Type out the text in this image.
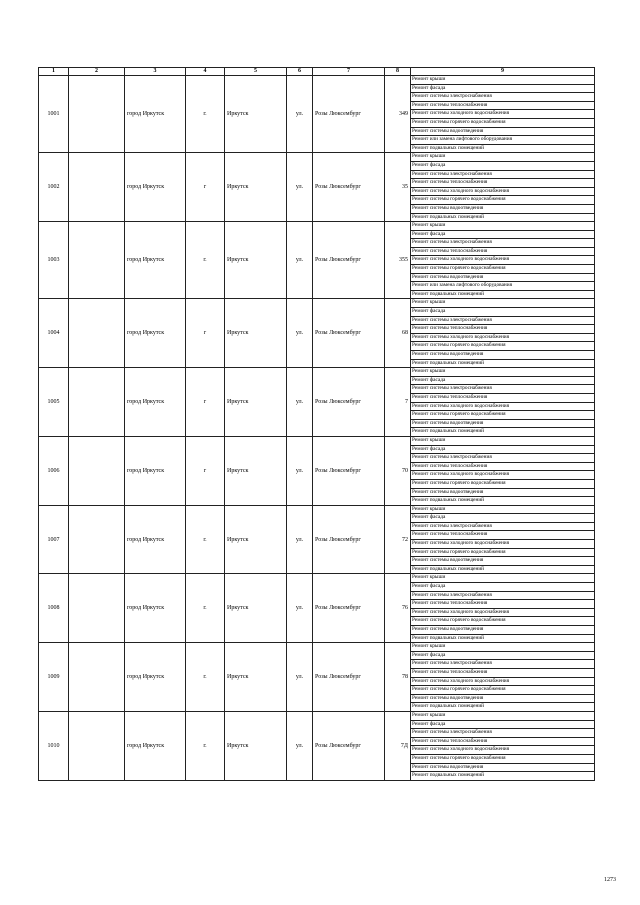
1	2	3	4	5	6	7	8	9
1001		город Иркутск	г.	Иркутск	ул.	Розы Люксембург	349	Ремонт крыши
								Ремонт фасада
								Ремонт системы электроснабжения
								Ремонт системы теплоснабжения
								Ремонт системы холодного водоснабжения
								Ремонт системы горячего водоснабжения
								Ремонт системы водоотведения
								Ремонт или замена лифтового оборудования
								Ремонт подвальных помещений
1002		город Иркутск	г	Иркутск	ул.	Розы Люксембург	35	Ремонт крыши
								Ремонт фасада
								Ремонт системы электроснабжения
								Ремонт системы теплоснабжения
								Ремонт системы холодного водоснабжения
								Ремонт системы горячего водоснабжения
								Ремонт системы водоотведения
								Ремонт подвальных помещений
1003		город Иркутск	г.	Иркутск	ул.	Розы Люксембург	355	Ремонт крыши
								Ремонт фасада
								Ремонт системы электроснабжения
								Ремонт системы теплоснабжения
								Ремонт системы холодного водоснабжения
								Ремонт системы горячего водоснабжения
								Ремонт системы водоотведения
								Ремонт или замена лифтового оборудования
								Ремонт подвальных помещений
1004		город Иркутск	г	Иркутск	ул.	Розы Люксембург	68	Ремонт крыши
								Ремонт фасада
								Ремонт системы электроснабжения
								Ремонт системы теплоснабжения
								Ремонт системы холодного водоснабжения
								Ремонт системы горячего водоснабжения
								Ремонт системы водоотведения
								Ремонт подвальных помещений
1005		город Иркутск	г	Иркутск	ул.	Розы Люксембург	7	Ремонт крыши
								Ремонт фасада
								Ремонт системы электроснабжения
								Ремонт системы теплоснабжения
								Ремонт системы холодного водоснабжения
								Ремонт системы горячего водоснабжения
								Ремонт системы водоотведения
								Ремонт подвальных помещений
1006		город Иркутск	г	Иркутск	ул.	Розы Люксембург	70	Ремонт крыши
								Ремонт фасада
								Ремонт системы электроснабжения
								Ремонт системы теплоснабжения
								Ремонт системы холодного водоснабжения
								Ремонт системы горячего водоснабжения
								Ремонт системы водоотведения
								Ремонт подвальных помещений
1007		город Иркутск	г.	Иркутск	ул.	Розы Люксембург	72	Ремонт крыши
								Ремонт фасада
								Ремонт системы электроснабжения
								Ремонт системы теплоснабжения
								Ремонт системы холодного водоснабжения
								Ремонт системы горячего водоснабжения
								Ремонт системы водоотведения
								Ремонт подвальных помещений
1008		город Иркутск	г.	Иркутск	ул.	Розы Люксембург	76	Ремонт крыши
								Ремонт фасада
								Ремонт системы электроснабжения
								Ремонт системы теплоснабжения
								Ремонт системы холодного водоснабжения
								Ремонт системы горячего водоснабжения
								Ремонт системы водоотведения
								Ремонт подвальных помещений
1009		город Иркутск	г.	Иркутск	ул.	Розы Люксембург	78	Ремонт крыши
								Ремонт фасада
								Ремонт системы электроснабжения
								Ремонт системы теплоснабжения
								Ремонт системы холодного водоснабжения
								Ремонт системы горячего водоснабжения
								Ремонт системы водоотведения
								Ремонт подвальных помещений
1010		город Иркутск	г.	Иркутск	ул.	Розы Люксембург	7Д	Ремонт крыши
								Ремонт фасада
								Ремонт системы электроснабжения
								Ремонт системы теплоснабжения
								Ремонт системы холодного водоснабжения
								Ремонт системы горячего водоснабжения
								Ремонт системы водоотведения
								Ремонт подвальных помещений
1273
